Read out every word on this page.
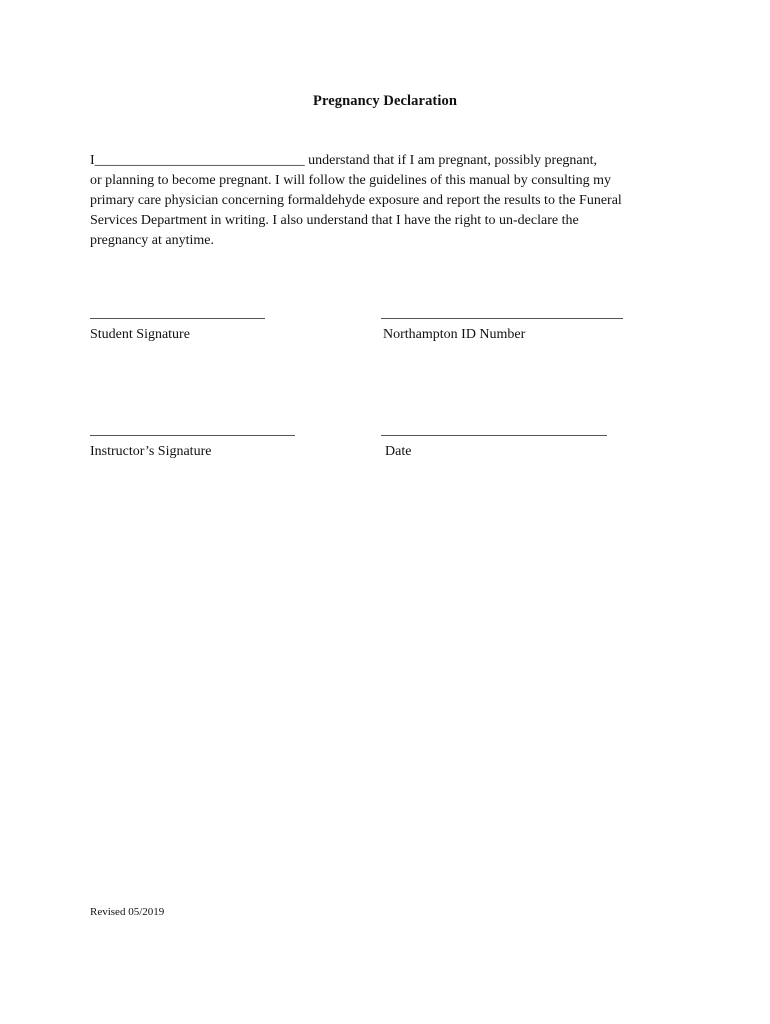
Pregnancy Declaration
I______________________________ understand that if I am pregnant, possibly pregnant,
or planning to become pregnant. I will follow the guidelines of this manual by consulting my
primary care physician concerning formaldehyde exposure and report the results to the Funeral
Services Department in writing. I also understand that I have the right to un-declare the
pregnancy at anytime.
Student Signature	Northampton ID Number
Instructor’s Signature	Date
Revised 05/2019
